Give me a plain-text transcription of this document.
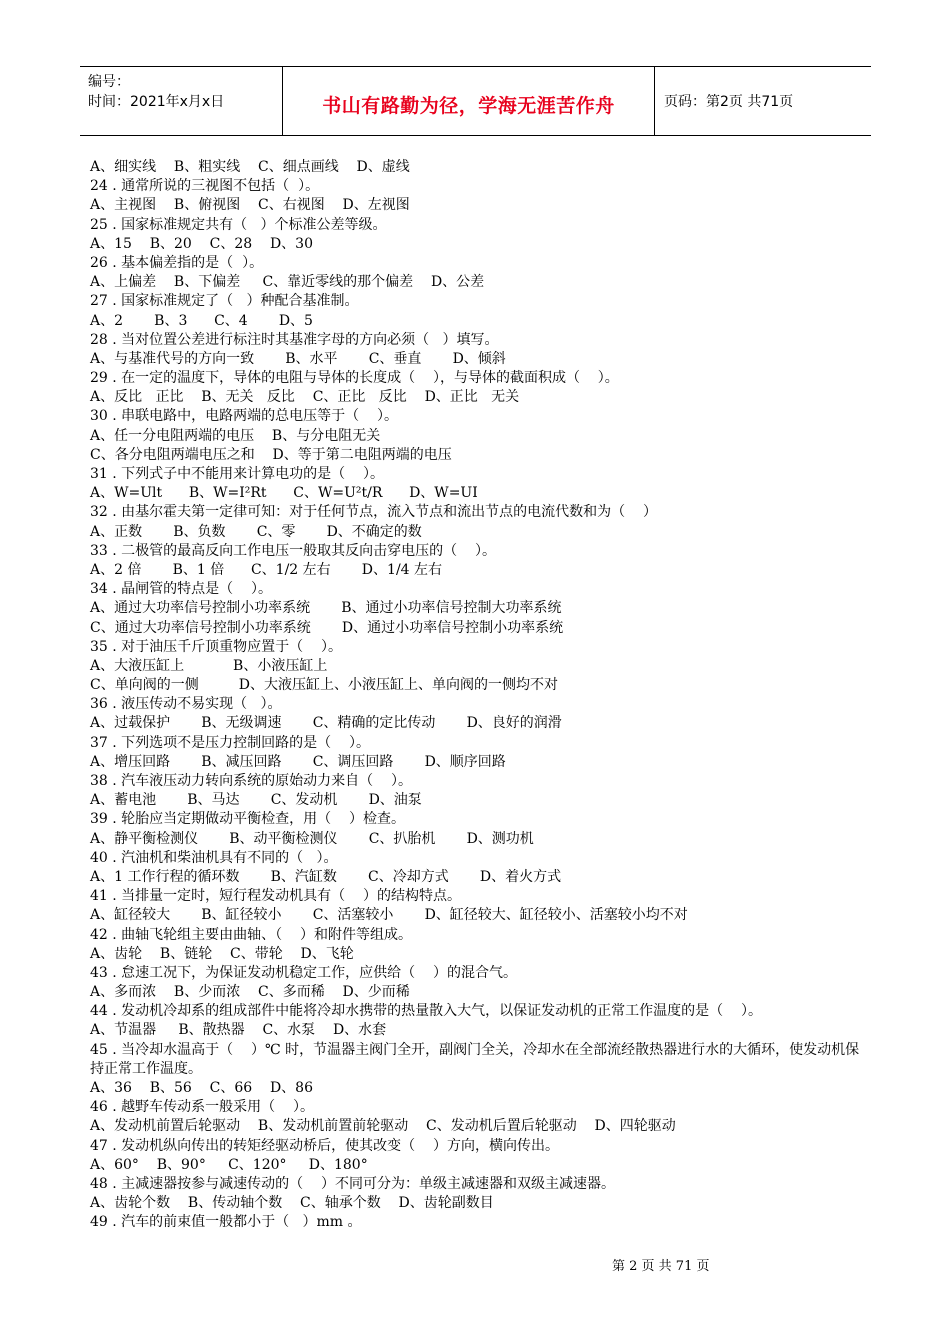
编号：
时间：2021年x月x日	书山有路勤为径，学海无涯苦作舟	页码：第2页 共71页
A、细实线    B、粗实线    C、细点画线    D、虚线
24 . 通常所说的三视图不包括（  ）。
A、主视图    B、俯视图    C、右视图    D、左视图
25 . 国家标准规定共有（   ）个标准公差等级。
A、15    B、20    C、28    D、30
26 . 基本偏差指的是（  ）。
A、上偏差    B、下偏差     C、靠近零线的那个偏差    D、公差
27 . 国家标准规定了（   ）种配合基准制。
A、2       B、3      C、4       D、5
28 . 当对位置公差进行标注时其基准字母的方向必须（   ）填写。
A、与基准代号的方向一致       B、水平       C、垂直       D、倾斜
29 . 在一定的温度下，导体的电阻与导体的长度成（    ），与导体的截面积成（    ）。
A、反比   正比    B、无关   反比    C、正比   反比    D、正比   无关
30 . 串联电路中，电路两端的总电压等于（    ）。
A、任一分电阻两端的电压    B、与分电阻无关
C、各分电阻两端电压之和    D、等于第二电阻两端的电压
31 . 下列式子中不能用来计算电功的是（    ）。
A、W=Ult      B、W=I²Rt      C、W=U²t/R      D、W=UI
32 . 由基尔霍夫第一定律可知：对于任何节点，流入节点和流出节点的电流代数和为（    ）
A、正数       B、负数       C、零       D、不确定的数
33 . 二极管的最高反向工作电压一般取其反向击穿电压的（    ）。
A、2 倍       B、1 倍      C、1/2 左右       D、1/4 左右
34 . 晶闸管的特点是（    ）。
A、通过大功率信号控制小功率系统       B、通过小功率信号控制大功率系统
C、通过大功率信号控制小功率系统       D、通过小功率信号控制小功率系统
35 . 对于油压千斤顶重物应置于（    ）。
A、大液压缸上           B、小液压缸上
C、单向阀的一侧         D、大液压缸上、小液压缸上、单向阀的一侧均不对
36 . 液压传动不易实现（   ）。
A、过载保护       B、无级调速       C、精确的定比传动       D、良好的润滑
37 . 下列选项不是压力控制回路的是（    ）。
A、增压回路       B、减压回路       C、调压回路       D、顺序回路
38 . 汽车液压动力转向系统的原始动力来自（    ）。
A、蓄电池       B、马达       C、发动机       D、油泵
39 . 轮胎应当定期做动平衡检查，用（    ）检查。
A、静平衡检测仪       B、动平衡检测仪       C、扒胎机       D、测功机
40 . 汽油机和柴油机具有不同的（   ）。
A、1 工作行程的循环数       B、汽缸数       C、冷却方式       D、着火方式
41 . 当排量一定时，短行程发动机具有（    ）的结构特点。
A、缸径较大       B、缸径较小       C、活塞较小       D、缸径较大、缸径较小、活塞较小均不对
42 . 曲轴飞轮组主要由曲轴、（    ）和附件等组成。
A、齿轮    B、链轮    C、带轮    D、飞轮
43 . 怠速工况下，为保证发动机稳定工作，应供给（    ）的混合气。
A、多而浓    B、少而浓    C、多而稀    D、少而稀
44 . 发动机冷却系的组成部件中能将冷却水携带的热量散入大气，以保证发动机的正常工作温度的是（    ）。
A、节温器     B、散热器    C、水泵    D、水套
45 . 当冷却水温高于（    ）℃ 时，节温器主阀门全开，副阀门全关，冷却水在全部流经散热器进行水的大循环，使发动机保持正常工作温度。
A、36    B、56    C、66    D、86
46 . 越野车传动系一般采用（    ）。
A、发动机前置后轮驱动    B、发动机前置前轮驱动    C、发动机后置后轮驱动    D、四轮驱动
47 . 发动机纵向传出的转矩经驱动桥后，使其改变（    ）方向，横向传出。
A、60°    B、90°     C、120°     D、180°
48 . 主减速器按参与减速传动的（    ）不同可分为：单级主减速器和双级主减速器。
A、齿轮个数    B、传动轴个数    C、轴承个数    D、齿轮副数目
49 . 汽车的前束值一般都小于（   ）mm 。
第 2 页 共 71 页
